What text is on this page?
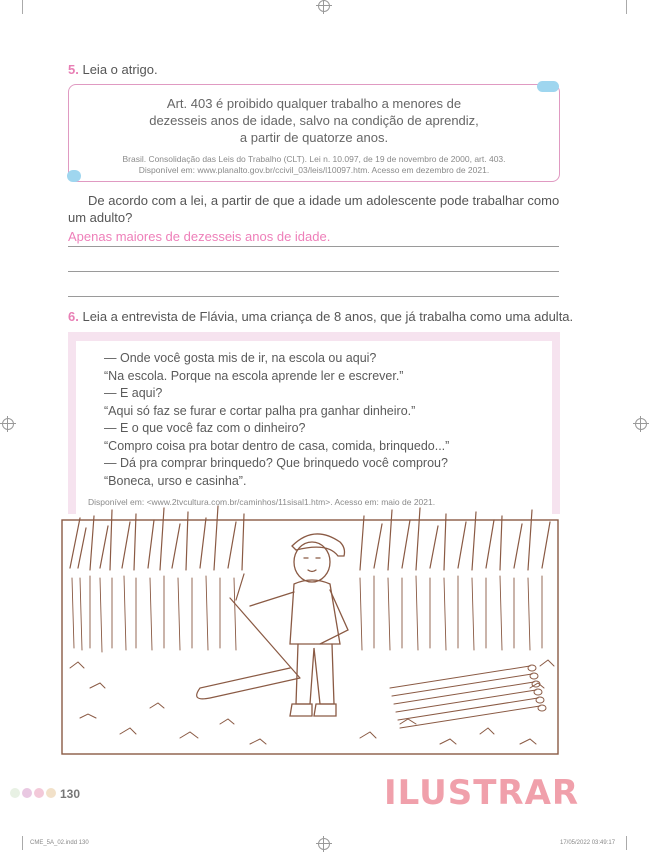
5. Leia o atrigo.
Art. 403 é proibido qualquer trabalho a menores de
dezesseis anos de idade, salvo na condição de aprendiz,
a partir de quatorze anos.
Brasil. Consolidação das Leis do Trabalho (CLT). Lei n. 10.097, de 19 de novembro de 2000, art. 403.
Disponível em: www.planalto.gov.br/ccivil_03/leis/l10097.htm. Acesso em dezembro de 2021.
De acordo com a lei, a partir de que a idade um adolescente pode trabalhar como
um adulto?
Apenas maiores de dezesseis anos de idade.
6. Leia a entrevista de Flávia, uma criança de 8 anos, que já trabalha como uma adulta.
— Onde você gosta mis de ir, na escola ou aqui?
“Na escola. Porque na escola aprende ler e escrever.”
— E aqui?
“Aqui só faz se furar e cortar palha pra ganhar dinheiro.”
— E o que você faz com o dinheiro?
“Compro coisa pra botar dentro de casa, comida, brinquedo...”
— Dá pra comprar brinquedo? Que brinquedo você comprou?
“Boneca, urso e casinha”.
Disponível em: <www.2tvcultura.com.br/caminhos/11sisal1.htm>. Acesso em: maio de 2021.
130	ILUSTRAR
CME_5A_02.indd 130	17/05/2022 03:49:17
